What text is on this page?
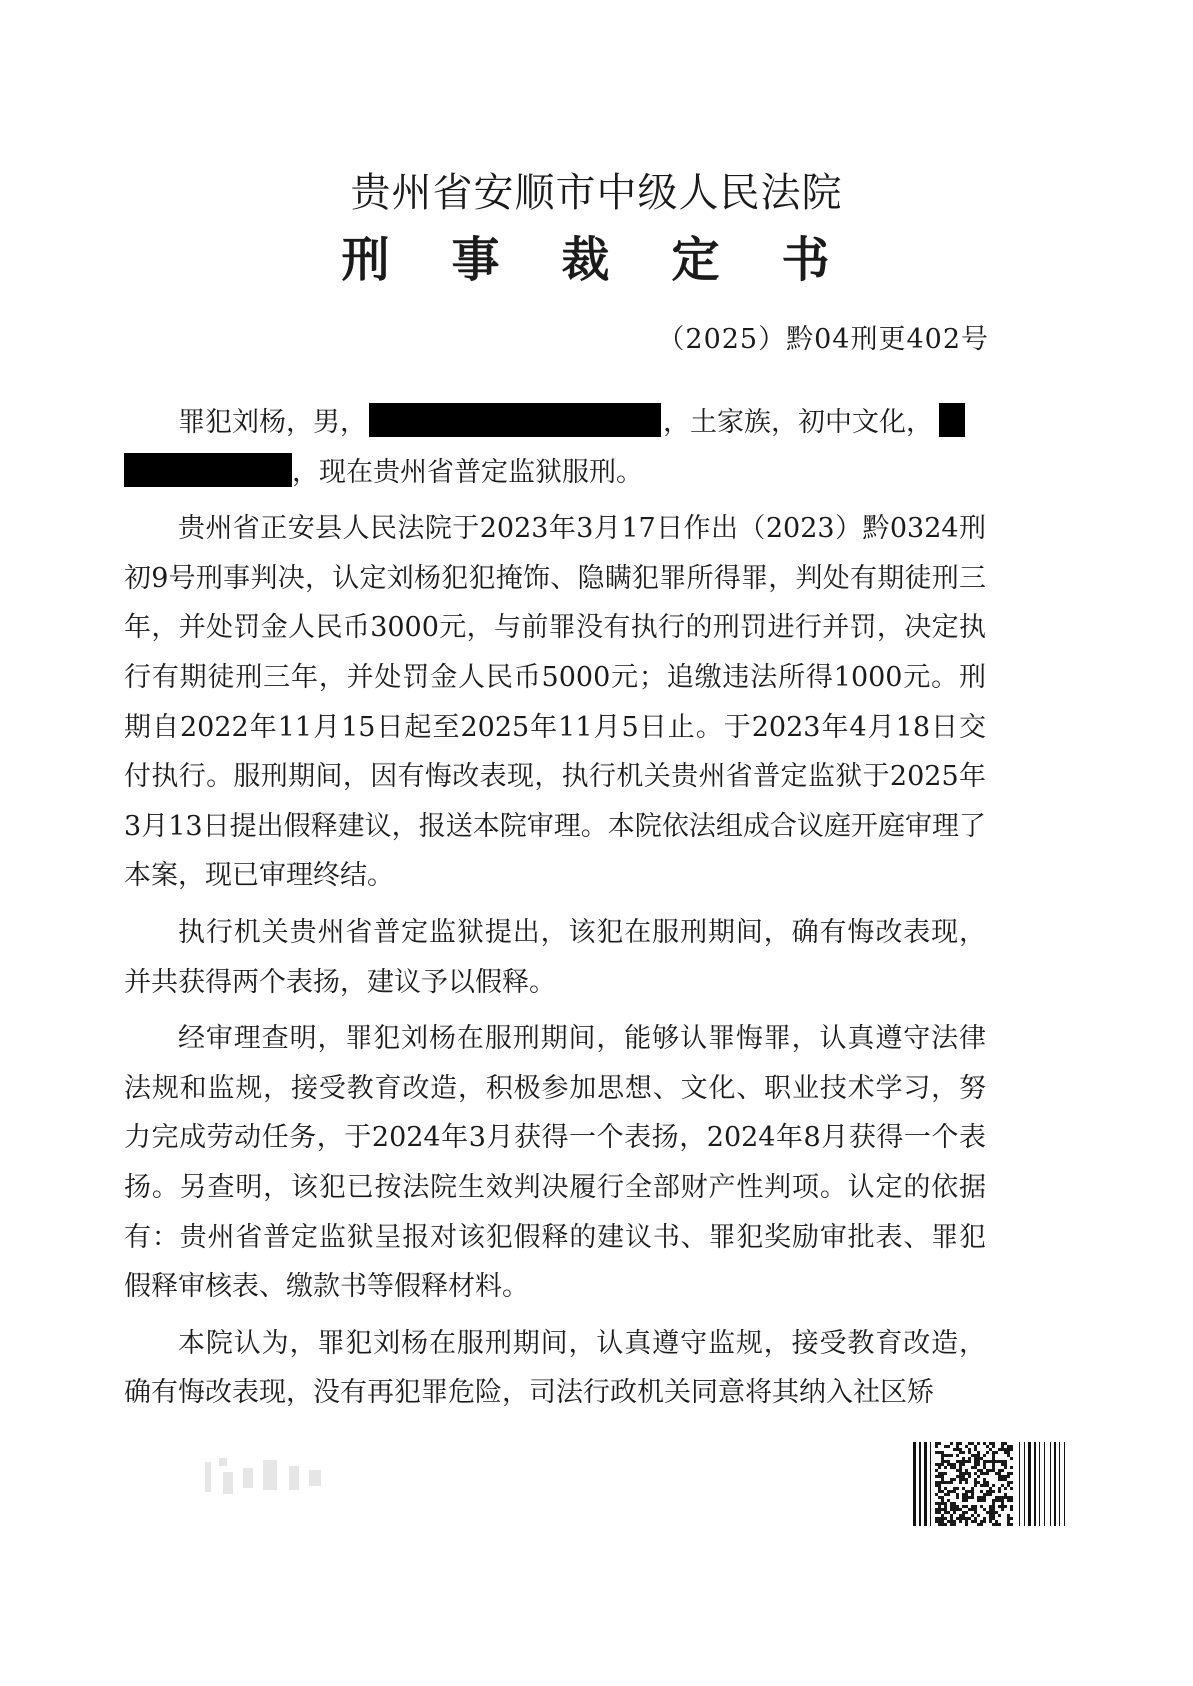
贵州省安顺市中级人民法院
刑事裁定书
（2025）黔04刑更402号

罪犯刘杨，男，	，土家族，初中文化，
，现在贵州省普定监狱服刑。

贵州省正安县人民法院于2023年3月17日作出（2023）黔0324刑初9号刑事判决，认定刘杨犯犯掩饰、隐瞒犯罪所得罪，判处有期徒刑三年，并处罚金人民币3000元，与前罪没有执行的刑罚进行并罚，决定执行有期徒刑三年，并处罚金人民币5000元；追缴违法所得1000元。刑期自2022年11月15日起至2025年11月5日止。于2023年4月18日交付执行。服刑期间，因有悔改表现，执行机关贵州省普定监狱于2025年3月13日提出假释建议，报送本院审理。本院依法组成合议庭开庭审理了本案，现已审理终结。

执行机关贵州省普定监狱提出，该犯在服刑期间，确有悔改表现，并共获得两个表扬，建议予以假释。

经审理查明，罪犯刘杨在服刑期间，能够认罪悔罪，认真遵守法律法规和监规，接受教育改造，积极参加思想、文化、职业技术学习，努力完成劳动任务，于2024年3月获得一个表扬，2024年8月获得一个表扬。另查明，该犯已按法院生效判决履行全部财产性判项。认定的依据有：贵州省普定监狱呈报对该犯假释的建议书、罪犯奖励审批表、罪犯假释审核表、缴款书等假释材料。

本院认为，罪犯刘杨在服刑期间，认真遵守监规，接受教育改造，确有悔改表现，没有再犯罪危险，司法行政机关同意将其纳入社区矫
